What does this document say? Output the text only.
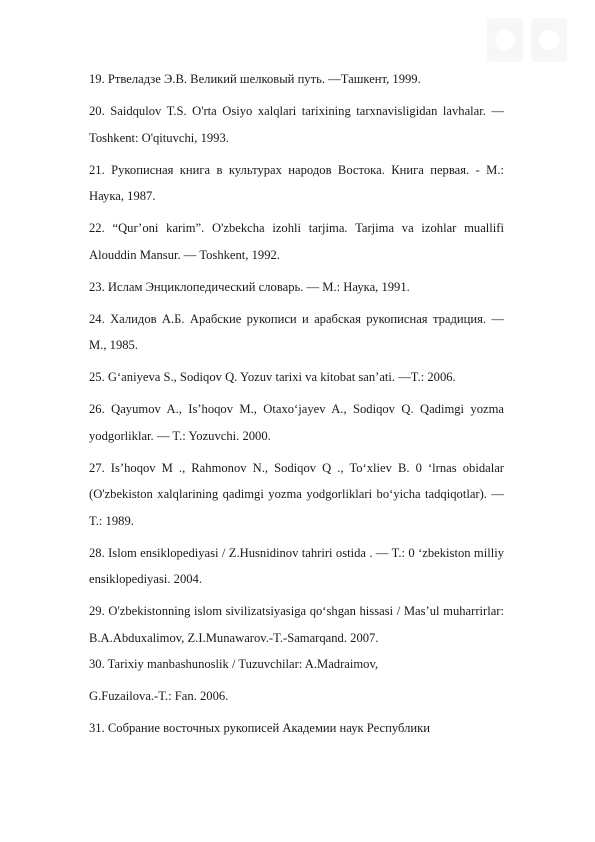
19. Ртвеладзе Э.В. Великий шелковый путь. —Ташкент, 1999.

20. Saidqulov T.S. O'rta Osiyo xalqlari tarixining tarxnavisligidan lavhalar. — Toshkent: O'qituvchi, 1993.

21. Рукописная книга в культурах народов Востока. Книга первая. - М.: Наука, 1987.

22. “Qur’oni karim”. O'zbekcha izohli tarjima. Tarjima va izohlar muallifi Alouddin Mansur. — Toshkent, 1992.

23. Ислам Энциклопедический словарь. — М.: Наука, 1991.

24. Халидов А.Б. Арабские рукописи и арабская рукописная традиция. — М., 1985.

25. G‘aniyeva S., Sodiqov Q. Yozuv tarixi va kitobat san’ati. —T.: 2006.

26. Qayumov A., Is’hoqov M., Otaxo‘jayev A., Sodiqov Q. Qadimgi yozma yodgorliklar. — T.: Yozuvchi. 2000.

27. Is’hoqov M ., Rahmonov N., Sodiqov Q ., To‘xliev B. 0 ‘lrnas obidalar (O'zbekiston xalqlarining qadimgi yozma yodgorliklari bo‘yicha tadqiqotlar). — T.: 1989.

28. Islom ensiklopediyasi / Z.Husnidinov tahriri ostida . — T.: 0 ‘zbekiston milliy ensiklopediyasi. 2004.

29. O'zbekistonning islom sivilizatsiyasiga qo‘shgan hissasi / Mas’ul muharrirlar: B.A.Abduxalimov, Z.I.Munawarov.-T.-Samarqand. 2007.

30. Tarixiy manbashunoslik / Tuzuvchilar: A.Madraimov,

G.Fuzailova.-T.: Fan. 2006.

31. Собрание восточных рукописей Академии наук Республики
